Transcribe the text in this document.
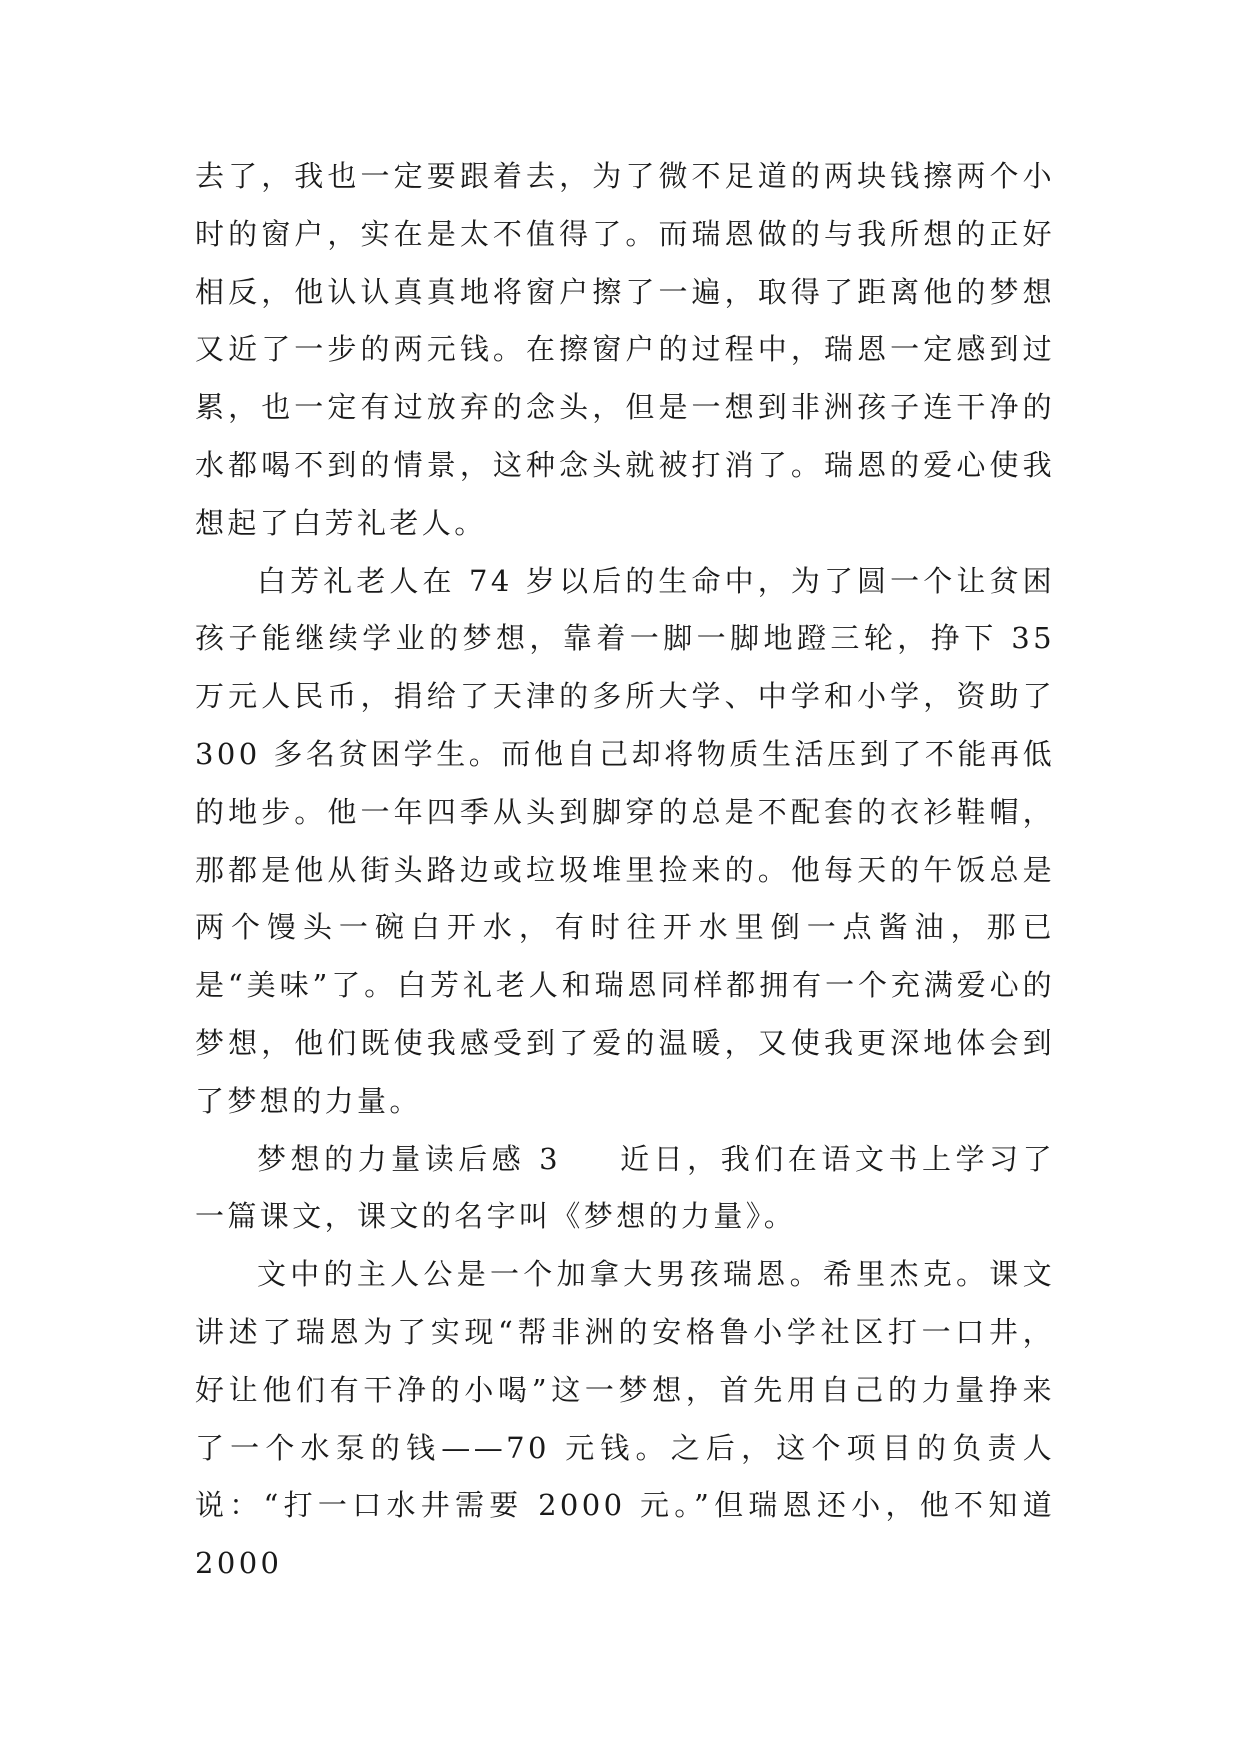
去了，我也一定要跟着去，为了微不足道的两块钱擦两个小时的窗户，实在是太不值得了。而瑞恩做的与我所想的正好相反，他认认真真地将窗户擦了一遍，取得了距离他的梦想又近了一步的两元钱。在擦窗户的过程中，瑞恩一定感到过累，也一定有过放弃的念头，但是一想到非洲孩子连干净的水都喝不到的情景，这种念头就被打消了。瑞恩的爱心使我想起了白芳礼老人。

白芳礼老人在 74 岁以后的生命中，为了圆一个让贫困孩子能继续学业的梦想，靠着一脚一脚地蹬三轮，挣下 35 万元人民币，捐给了天津的多所大学、中学和小学，资助了 300 多名贫困学生。而他自己却将物质生活压到了不能再低的地步。他一年四季从头到脚穿的总是不配套的衣衫鞋帽，那都是他从街头路边或垃圾堆里捡来的。他每天的午饭总是两个馒头一碗白开水，有时往开水里倒一点酱油，那已是“美味”了。白芳礼老人和瑞恩同样都拥有一个充满爱心的梦想，他们既使我感受到了爱的温暖，又使我更深地体会到了梦想的力量。

梦想的力量读后感 3 近日，我们在语文书上学习了一篇课文，课文的名字叫《梦想的力量》。

文中的主人公是一个加拿大男孩瑞恩。希里杰克。课文讲述了瑞恩为了实现“帮非洲的安格鲁小学社区打一口井，好让他们有干净的小喝”这一梦想，首先用自己的力量挣来了一个水泵的钱——70 元钱。之后，这个项目的负责人说：“打一口水井需要 2000 元。”但瑞恩还小，他不知道 2000
